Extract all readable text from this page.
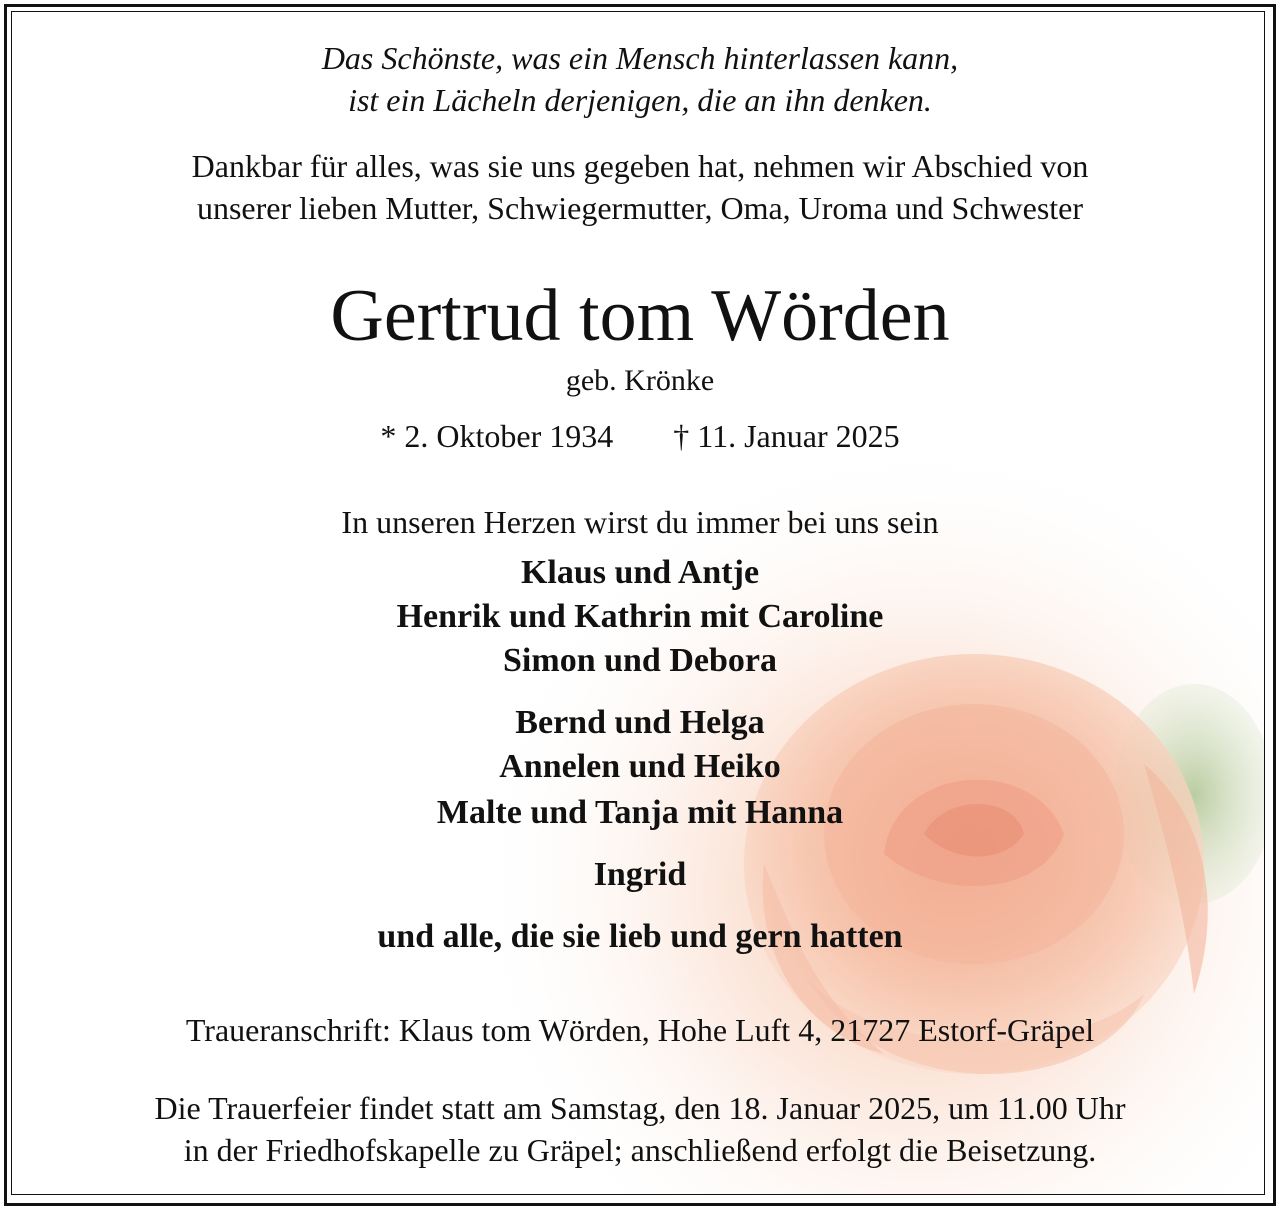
Das Schönste, was ein Mensch hinterlassen kann,
ist ein Lächeln derjenigen, die an ihn denken.
Dankbar für alles, was sie uns gegeben hat, nehmen wir Abschied von
unserer lieben Mutter, Schwiegermutter, Oma, Uroma und Schwester
Gertrud tom Wörden
geb. Krönke
* 2. Oktober 1934 † 11. Januar 2025
In unseren Herzen wirst du immer bei uns sein
Klaus und Antje
Henrik und Kathrin mit Caroline
Simon und Debora
Bernd und Helga
Annelen und Heiko
Malte und Tanja mit Hanna
Ingrid
und alle, die sie lieb und gern hatten
Traueranschrift: Klaus tom Wörden, Hohe Luft 4, 21727 Estorf-Gräpel
Die Trauerfeier findet statt am Samstag, den 18. Januar 2025, um 11.00 Uhr
in der Friedhofskapelle zu Gräpel; anschließend erfolgt die Beisetzung.
